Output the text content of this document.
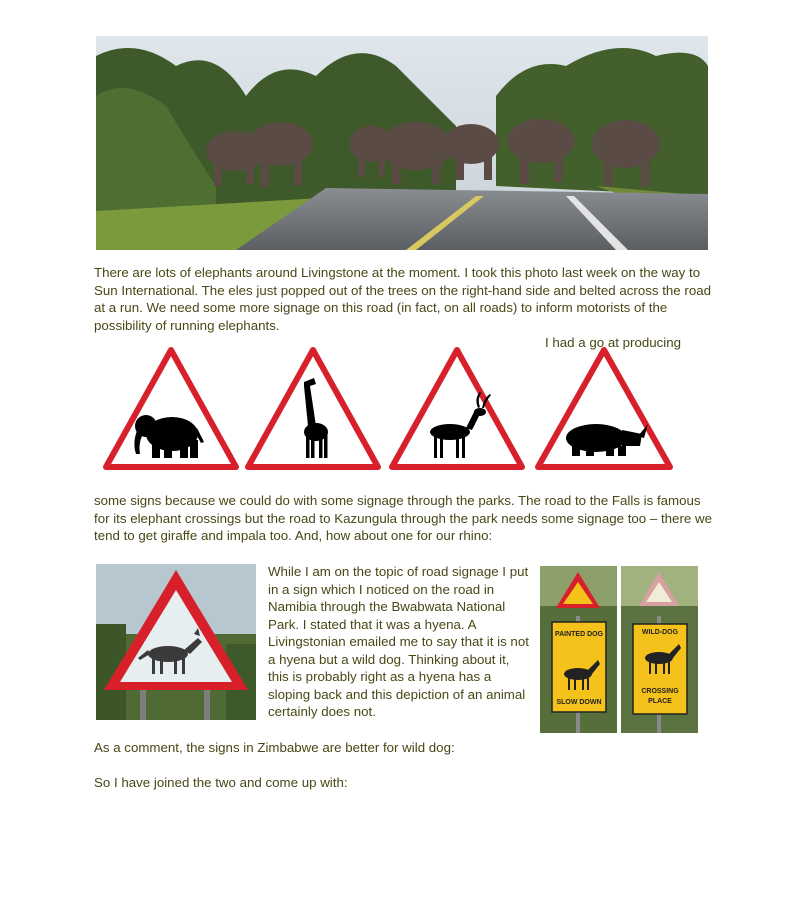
There are lots of elephants around Livingstone at the moment. I took this photo last week on the way to Sun International. The eles just popped out of the trees on the right-hand side and belted across the road at a run. We need some more signage on this road (in fact, on all roads) to inform motorists of the possibility of running elephants.
I had a go at producing
some signs because we could do with some signage through the parks. The road to the Falls is famous for its elephant crossings but the road to Kazungula through the park needs some signage too – there we tend to get giraffe and impala too. And, how about one for our rhino:
While I am on the topic of road signage I put in a sign which I noticed on the road in Namibia through the Bwabwata National Park. I stated that it was a hyena. A Livingstonian emailed me to say that it is not a hyena but a wild dog. Thinking about it, this is probably right as a hyena has a sloping back and this depiction of an animal certainly does not.
PAINTED DOG
SLOW DOWN
WILD-DOG
CROSSING
PLACE
As a comment, the signs in Zimbabwe are better for wild dog:
So I have joined the two and come up with:
